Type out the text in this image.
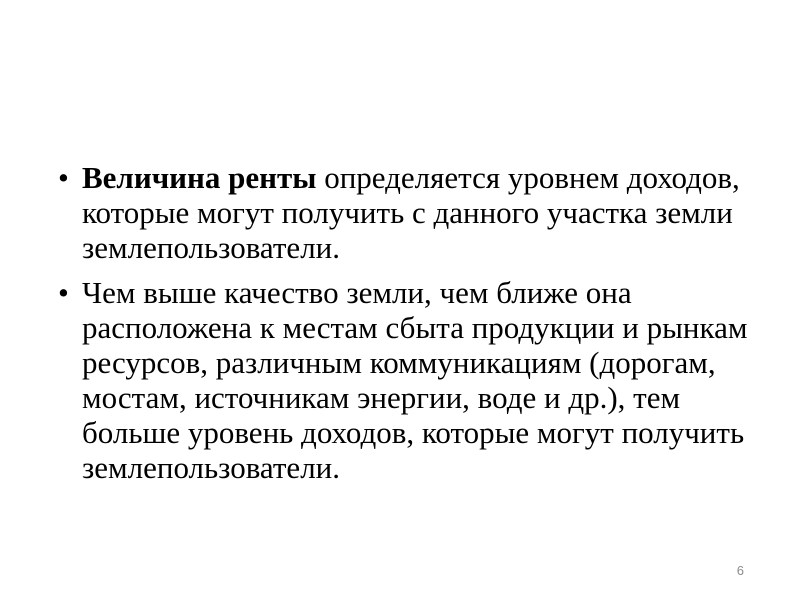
• Величина ренты определяется уровнем доходов, которые могут получить с данного участка земли землепользователи.
• Чем выше качество земли, чем ближе она расположена к местам сбыта продукции и рынкам ресурсов, различным коммуникациям (дорогам, мостам, источникам энергии, воде и др.), тем больше уровень доходов, которые могут получить землепользователи.
6
